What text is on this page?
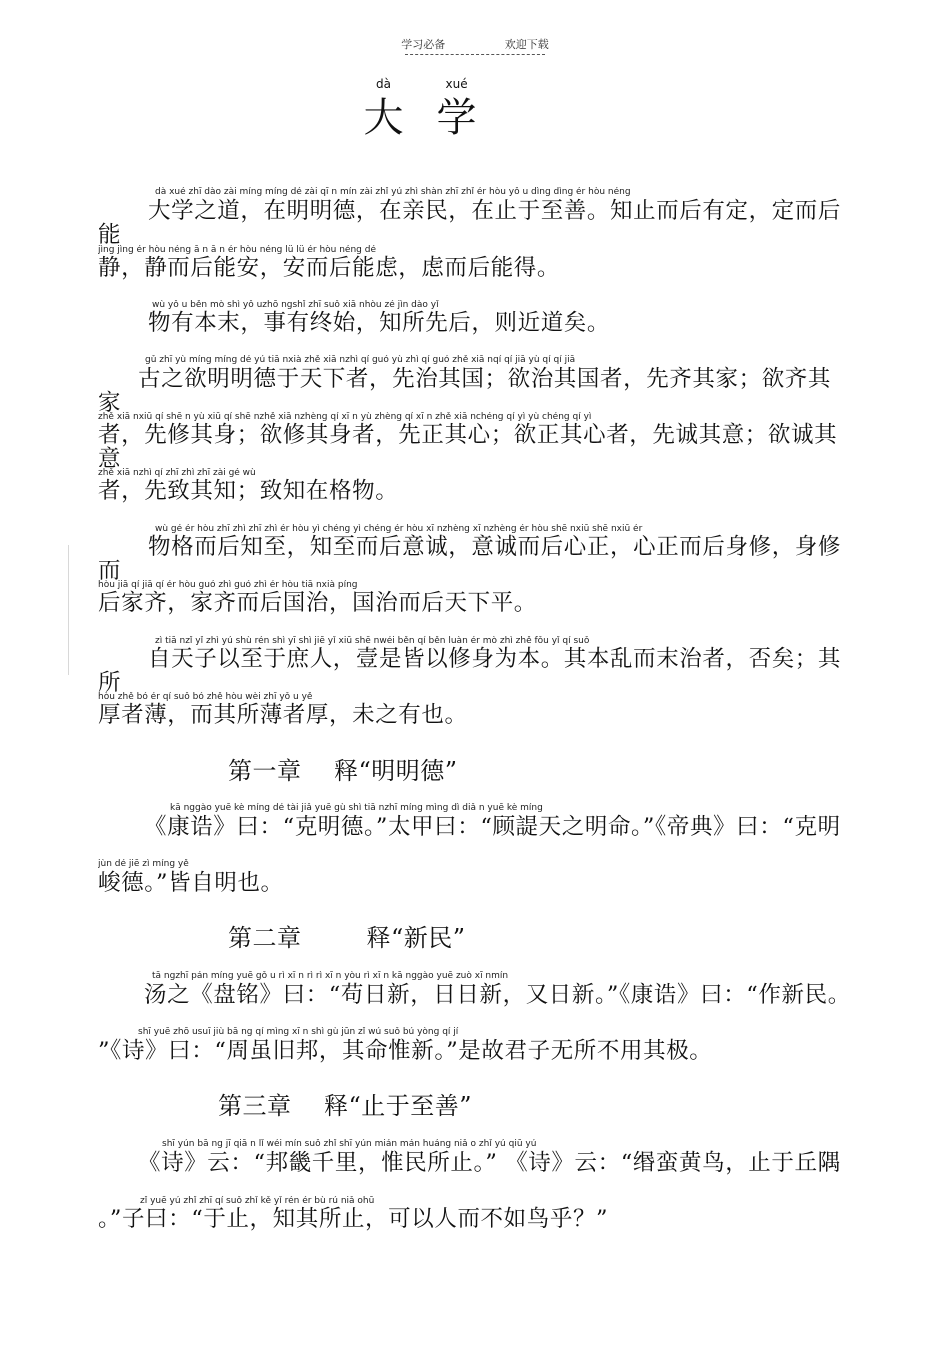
学习必备	欢迎下载
dà
大
xué
学
dà xué zhī dào zài míng míng dé zài qī n mín zài zhǐ yú zhì shàn zhī zhǐ ér hòu yǒ u dìng dìng ér hòu néng
大学之道，在明明德，在亲民，在止于至善。知止而后有定，定而后能
jìng jìng ér hòu néng ā n ā n ér hòu néng lǜ lǜ ér hòu néng dé
静，静而后能安，安而后能虑，虑而后能得。
wù yǒ u běn mò shì yǒ uzhō ngshǐ zhī suǒ xiā nhòu zé jìn dào yǐ
物有本末，事有终始，知所先后，则近道矣。
gǔ zhī yù míng míng dé yú tiā nxià zhě xiā nzhì qí guó yù zhì qí guó zhě xiā nqí qí jiā yù qí qí jiā
古之欲明明德于天下者，先治其国；欲治其国者，先齐其家；欲齐其家
zhě xiā nxiū qí shē n yù xiū qí shē nzhě xiā nzhèng qí xī n yù zhèng qí xī n zhě xiā nchéng qí yì yù chéng qí yì
者，先修其身；欲修其身者，先正其心；欲正其心者，先诚其意；欲诚其意
zhě xiā nzhì qí zhī zhì zhī zài gé wù
者，先致其知；致知在格物。
wù gé ér hòu zhī zhì zhī zhì ér hòu yì chéng yì chéng ér hòu xī nzhèng xī nzhèng ér hòu shē nxiū shē nxiū ér
物格而后知至，知至而后意诚，意诚而后心正，心正而后身修，身修而
hòu jiā qí jiā qí ér hòu guó zhì guó zhì ér hòu tiā nxià píng
后家齐，家齐而后国治，国治而后天下平。
zì tiā nzǐ yǐ zhì yú shù rén shì yī shì jiē yǐ xiū shē nwéi běn qí běn luàn ér mò zhì zhě fǒu yǐ qí suǒ
自天子以至于庶人，壹是皆以修身为本。其本乱而末治者，否矣；其所
hòu zhě bó ér qí suǒ bó zhě hòu wèi zhī yǒ u yě
厚者薄，而其所薄者厚，未之有也。
第一章    释“明明德”
kā nggào yuē kè míng dé tài jiǎ yuē gù shì tiā nzhī míng mìng dì diǎ n yuē kè míng
《康诰》曰：“克明德。”太甲曰：“顾諟天之明命。”《帝典》曰：“克明
jùn dé jiē zì míng yě
峻德。”皆自明也。
第二章        释“新民”
tā ngzhī pán míng yuē gǒ u rì xī n rì rì xī n yòu rì xī n kā nggào yuē zuò xī nmín
汤之《盘铭》曰：“苟日新，日日新，又日新。”《康诰》曰：“作新民。
shī yuē zhō usuī jiù bā ng qí mìng xī n shì gù jūn zǐ wú suǒ bú yòng qí jí
”《诗》曰：“周虽旧邦，其命惟新。”是故君子无所不用其极。
第三章    释“止于至善”
shī yún bā ng jī qiā n lǐ wéi mín suǒ zhǐ shī yún mián mán huáng niǎ o zhǐ yú qiū yú
《诗》云：“邦畿千里，惟民所止。” 《诗》云：“缗蛮黄鸟，止于丘隅
zǐ yuē yú zhǐ zhī qí suǒ zhǐ kě yǐ rén ér bù rú niǎ ohū
。”子曰：“于止，知其所止，可以人而不如鸟乎？”
